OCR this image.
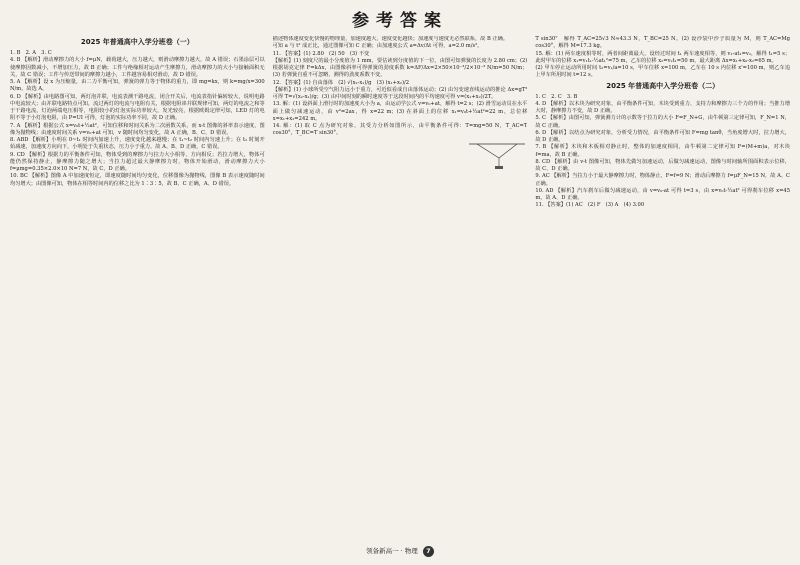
参考答案
2025 年普通高中入学分班卷（一）

1. B　2. A　3. C

4. B 【解析】滑动摩擦力的大小 f=μN，载荷越大，压力越大，则滑动摩擦力越大，故 A 错误；石墨涂层可以使摩擦因数减小，不增加压力，故 B 正确；工件与绝缘相对运动产生摩擦力，滑动摩擦力的大小与接触面积无关，故 C 错误；工件与传送带间的摩擦力越小，工件越容易相对滑动，故 D 错误。

5. A 【解析】设 x 为压缩量，由二力平衡可知，弹簧的弹力等于物体的重力，即 mg=kx，则 k=mg/x=300 N/m，故选 A。

6. D 【解析】由电路图可知，两灯泡并联，电流表测干路电流，闭合开关后，电流表指针偏转较大，说明电路中电流较大；由并联电路特点可知，流过两灯的电流与电阻有关，根据电阻串并联规律可知，两灯的电流之和等于干路电流，灯泡两端电压相等，电阻较小的灯泡实际功率较大，发光较亮，根据欧姆定律可知，LED 灯的电阻不等于小灯泡电阻，由 P=UI 可得，灯泡的实际功率不同，故 D 正确。

7. A 【解析】根据公式 x=v₀t+½at²，可知位移和时间关系为二次函数关系，而 x-t 图像的斜率表示速度，图像为抛物线；由速度时间关系 v=v₀+at 可知，v 随时间均匀变化，故 A 正确，B、C、D 错误。

8. ABD 【解析】小明在 0~t₁ 时间内加速上升，速度变化越来越慢；在 t₁~t₂ 时间内匀速上升；在 t₂ 时刻开始减速，加速度方向向下，小明处于失重状态，压力小于重力，故 A、B、D 正确，C 错误。

9. CD 【解析】根据力的平衡条件可知，物体受到的摩擦力与拉力大小相等、方向相反；若拉力增大，物体可能仍然保持静止，静摩擦力随之增大；当拉力超过最大静摩擦力时，物体开始滑动，滑动摩擦力大小 f=μmg=0.35×2.0×10 N=7 N，故 C、D 正确。

10. BC 【解析】图像 A 中加速度恒定，即速度随时间均匀变化，位移图像为抛物线，图像 B 表示速度随时间均匀增大；由图像可知，物体在相等时间内的位移之比为 1∶3∶5，故 B、C 正确，A、D 错误。

描述物体速度变化快慢的物理量，加速度越大，速度变化越快；加速度与速度无必然联系，故 B 正确。

可知 a 与 t² 成正比，通过图像可知 C 正确；由加速度公式 a=Δv/Δt 可得，a=2.0 m/s²。

11. 【答案】(1) 2.80　(2) 50　(3) 不变

【解析】(1) 刻度尺的最小分度值为 1 mm，要估读到分度值的下一位，由图可知弹簧的长度为 2.80 cm；(2) 根据胡克定律 F=kΔx，由图像斜率可得弹簧的劲度系数 k=ΔF/Δx=2×50×10⁻³/2×10⁻³ N/m=50 N/m；(3) 若弹簧自重不可忽略，测得的劲度系数不变。

12. 【答案】(1) 自由落体　(2) √(x₂-x₁)/g　(3) (x₁+x₂)/2

【解析】(1) 小球所受空气阻力远小于重力，可近似看成自由落体运动；(2) 由匀变速直线运动的推论 Δx=gT² 可得 T=√(x₂-x₁)/g；(3) 由中间时刻的瞬时速度等于这段时间内的平均速度可得 v=(x₁+x₂)/2T。

13. 解：(1) 设斜面上滑行时的加速度大小为 a，由运动学公式 v=v₀+at，解得 t=2 s；(2) 滑雪运动员在水平面上做匀减速运动，由 v²=2ax，得 x=22 m；(3) 在斜面上的位移 x₁=v₀t+½at²=22 m，总位移 x=x₁+x₂=242 m。

14. 解：(1) 取 C 点为研究对象，其受力分析如图所示，由平衡条件可得：T=mg=50 N，T_AC=T cos30°，T_BC=T sin30°。

T sin30°　解得 T_AC=25√3 N≈43.3 N，T_BC=25 N。(2) 设沙袋中沙子质量为 M，则 T_AC=Mg cos30°，解得 M=17.3 kg。

15. 解：(1) 两车速度相等时，两者间距离最大，设经过时间 t₁ 两车速度相等，则 v₁-at₁=v₂，解得 t₁=5 s；此时甲车的位移 x₁=v₁t₁-½at₁²=75 m，乙车的位移 x₂=v₂t₁=50 m，最大距离 Δx=x₁+x₀-x₂=65 m。

(2) 甲车停止运动所用时间 t₂=v₁/a=10 s，甲车位移 x=100 m，乙车在 10 s 内位移 x'=100 m，则乙车追上甲车所用时间 t=12 s。

2025 年普通高中入学分班卷（二）

1. C　2. C　3. B

4. D 【解析】以木块为研究对象，由平衡条件可知，木块受到重力、支持力和摩擦力三个力的作用；当推力增大时，静摩擦力不变，故 D 正确。

5. C 【解析】由图可知，弹簧测力计的示数等于拉力的大小 F=F_N+G，由牛顿第三定律可知，F_N=1 N，故 C 正确。

6. D 【解析】以结点为研究对象，分析受力情况，由平衡条件可知 F=mg tanθ，当角度增大时，拉力增大，故 D 正确。

7. B 【解析】木块和木板相对静止时，整体的加速度相同，由牛顿第二定律可知 F=(M+m)a，对木块 f=ma，故 B 正确。

8. CD 【解析】由 v-t 图像可知，物体先做匀加速运动，后做匀减速运动，图像与时间轴所围面积表示位移，故 C、D 正确。

9. AC 【解析】当拉力小于最大静摩擦力时，物体静止，F=f=9 N；滑动后摩擦力 f=μF_N=15 N，故 A、C 正确。

10. AD 【解析】汽车刹车后做匀减速运动，由 v=v₀-at 可得 t=3 s，由 x=v₀t-½at² 可得刹车位移 x=45 m，故 A、D 正确。

11. 【答案】(1) AC　(2) F　(3) A　(4) 3.00

领备新高一 · 物理 7
